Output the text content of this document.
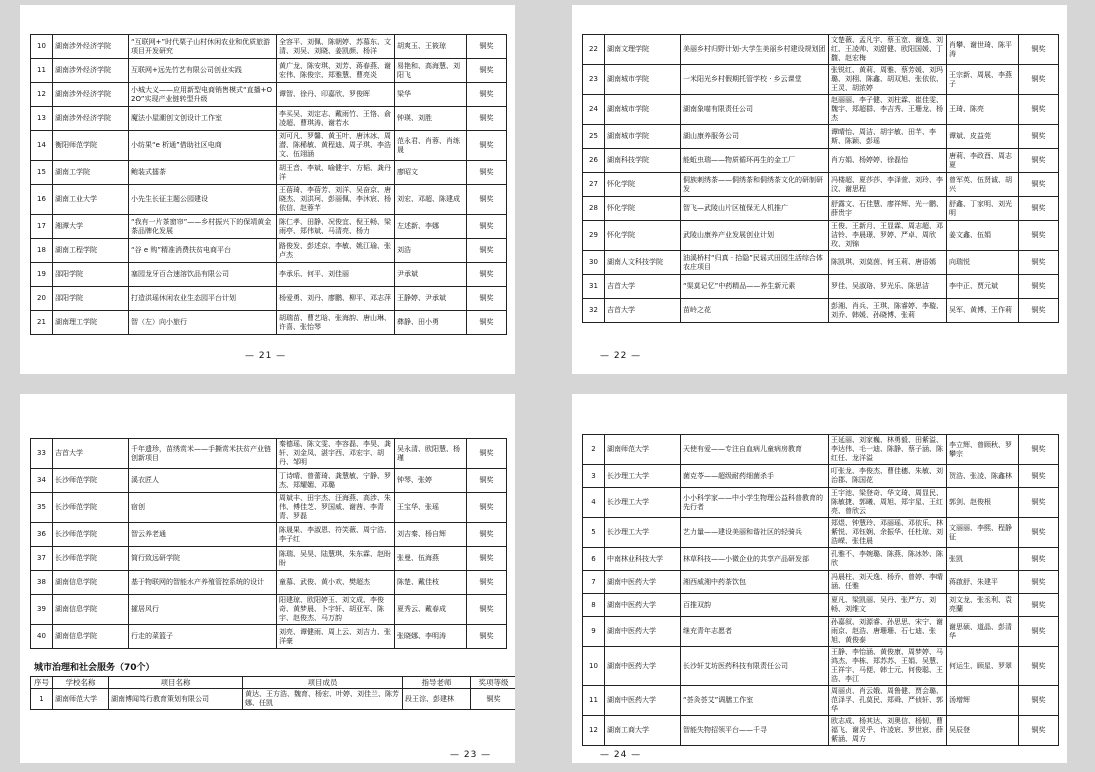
10	湖南涉外经济学院	“互联网+”时代栗子山村休闲农业和优质旅游项目开发研究	全容平、刘佩、陈朝婷、苏慕东、文清、刘吴、刘晓、姜凯颜、杨洋	胡爽玉、王筱琼	铜奖
11	湖南涉外经济学院	互联网+远先竹艺有限公司创业实践	黄广龙、陈安琪、刘芳、蒋春燕、谢宏伟、陈俊宗、郑雅慧、曹亮炎	易艳和、高海慧、刘阳飞	铜奖
12	湖南涉外经济学院	小城大义——应用新型电商销售模式“直播+O2O”实现产业链转型升级	谭智、徐丹、印嘉欣、罗俊晖	梁华	铜奖
13	湖南涉外经济学院	魔法小屋潮创文创设计工作室	李买吴、刘定志、戴雨竹、王恪、俞凌超、曹琪涛、谢若水	钟瑛、刘胜	铜奖
14	衡阳师范学院	小纺果“e 析通”借助社区电商	刘可凡、罗馨、黄玉叶、唐沐冰、周潜、陈稀敏、黄程迪、周子琪、李浩文、伍翊涵	范永君、肖蓉、肖练晟	铜奖
15	湖南工学院	鲍装式擂茶	胡王音、李斌、喻健宇、方韬、龚丹洋	廖昭文	铜奖
16	湖南工业大学	小先生长征主题公园建设	王蓓琦、李蓓芳、刘洋、吴奋京、唐晓杰、刘洪珂、彭丽佩、李沐宸、杨依信、赵蓉芊	刘宏、邓超、陈建成	铜奖
17	湘潭大学	“我有一片茶窗帘”——乡村振兴下的保靖黄金茶品牌化发展	陈仁孝、田静、况俊宜、倪王畅、梁雨亭、郑伟斌、马清亮、杨力	左述新、李娜	铜奖
18	湖南工程学院	“谷 e 购”精准消费扶贫电商平台	路俊发、彭述京、李敏、姚江瑜、张卢杰	刘浩	铜奖
19	邵阳学院	塞园龙牙百合速溶饮品有限公司	李承乐、何平、刘佳丽	尹承斌	铜奖
20	邵阳学院	打造洪瑶休闲农业生态园平台计划	杨爱勇、刘丹、廖鹏、柳平、邓志萍	王静婷、尹承斌	铜奖
21	湖南理工学院	智（左）向小旅行	胡瑞苗、曹艺晗、张海韵、唐山琳、许喜、张怡琴	彝静、田小勇	铜奖
— 21 —
22	湖南文理学院	美丽乡村归野计划-大学生美丽乡村建设规划团	文楚薇、孟凡宇、蔡玉宽、谢逸、刘红、王凌帅、刘甜健、欧阳国媛、丁馥、赵宏梅	肖攀、谢世琦、陈平涛	铜奖
23	湖南城市学院	一米阳光乡村假期托管学校 · 乡云课堂	张锐红、黄莉、周雅、蔡芳媛、刘玛璐、刘栩、陈鑫、胡双旭、张依依、王灵、胡浓婷	王宗新、周展、李燕子	铜奖
24	湖南城市学院	湖南象喵有限责任公司	赵丽丽、李子健、刘柱霖、崔佳雯、魏宇、郑超群、李吉秀、王珊龙、杨杰	王琦、陈亮	铜奖
25	湖南城市学院	湖山康养服务公司	谭晴怡、周洁、胡宇敏、田芊、李斯、陈颖、彭瑶	谭斌、皮益莞	铜奖
26	湖南科技学院	能蚯虫瑞——物质循环再生的金工厂	肖方娟、杨婷婷、徐磊怡	唐莉、李政酉、周志夏	铜奖
27	怀化学院	侗族刺绣茶——侗绣茶和侗绣茶文化的研制研发	冯楼超、夏莎莎、李泽萱、刘玲、李汶、谢思程	曾军英、伍贤诚、胡兴	铜奖
28	怀化学院	智飞—武陵山片区植保无人机推广	舒露文、石佳慧、廖祥辉、光一鹏、薛贵宇	舒鑫、丁家明、刘光明	铜奖
29	怀化学院	武陵山康养产业发展创业计划	王俊、王新月、王显霖、周志超、邓洁铃、李晨璟、罗婷、严卓、周欣玫、刘锦	姜文鑫、伍娟	铜奖
30	湖南人文科技学院	油溪桥村“归真 · 拾隐”民谣式田园生活综合体农庄项目	陈凯琪、刘莫茵、何玉莉、唐语嫣	向瑞悦	铜奖
31	吉首大学	“渠莫记忆”中药精品——养生新元素	罗佳、吴淑珞、罗光乐、陈思洁	李中正、贾元斌	铜奖
32	吉首大学	苗岭之花	彭湘、肖兵、王琪、陈睿婷、李璇、刘乔、韩媛、孙晓博、张莉	吴军、黄博、王作莉	铜奖
— 22 —
33	吉首大学	千年遗珍，苗绣赏米——手撕赏米扶贫产业链创新项目	秦德瑶、陈文雯、李容磊、李昊、龚轩、刘金凤、湛宇西、邓宏宇、胡丹、邹明	吴永清、欧阳慧、杨瑾	铜奖
34	长沙师范学院	溪衣匠人	丁诗晴、曾蕾琦、龚慧敏、宁静、罗杰、郑耀媚、邓璐	钟琴、张婷	铜奖
35	长沙师范学院	宿创	周斌丰、田宇杰、汪海燕、高涉、朱伟、傅佳芝、罗国威、谢茜、李青青、罗磊	王宝华、张瑶	铜奖
36	长沙师范学院	智云养老通	陈晟果、李淑恩、符笑薇、周宁浩、李子红	刘吉秦、杨自辉	铜奖
37	长沙师范学院	简行致远研学院	陈瑞、吴昊、陆慧琪、朱东霖、赵盼盼	张曼、伍海燕	铜奖
38	湖南信息学院	基于物联网的智能水产养殖管控系统的设计	童慕、武俊、黄小欢、樊超杰	陈楚、戴佳枝	铜奖
39	湖南信息学院	攉居风行	阳建琼、欧阳婷玉、刘文成、李俊奇、黄梦晨、卜宇轩、胡亚军、陈宇、赵俊杰、马万韵	夏秀云、戴春成	铜奖
40	湖南信息学院	行走的菜篮子	刘亮、谭健雨、周上云、刘吉力、张洋豪	张晓娜、李明涛	铜奖
城市治理和社会服务（70个）
序号	学校名称	项目名称	项目成员	指导老师	奖项等级
1	湖南师范大学	湖南博闻笃行教育策划有限公司	黄达、王方浩、魏育、杨宏、叶婷、刘佳兰、陈芳娜、任凯	段王淙、彭建林	铜奖
— 23 —
2	湖南师范大学	天使有爱——专注自血病儿童病房教育	王延丽、刘家巍、林勇毅、田紫溢、李达伟、毛一迪、陈静、蔡子涵、陈红任、龙洋溢	李立辉、曾顾秋、罗攀宗	铜奖
3	长沙理工大学	菌克苓——超级耐药细菌杀手	叮张龙、李俊杰、曹佳穗、朱敏、刘治郡、陈国花	贺浩、张凌、陈鑫林	铜奖
4	长沙理工大学	小小科学家——中小学生物理公益科普教育的先行者	王宇池、梁登奇、华文琦、周显民、陈敏捷、郭曦、周旭、郑宇星、王红亮、曾欣云	郭剑、赵俊根	铜奖
5	长沙理工大学	艺力量——建设美丽和谐社区的轻骑兵	郑煜、钟慧玲、邓丽瑶、邓依乐、林紫悦、邓钰娴、余振华、任杜琼、刘浩嵘、张佳晨	文丽丽、李熙、程静征	铜奖
6	中南林业科技大学	林草科技——小微企业的共享产品研发部	孔雅不、李婉璐、陈燕、陈冰妙、陈欣	张凯	铜奖
7	湖南中医药大学	湘西威湘中药茶饮包	冯晨柱、刘天逸、杨乔、曾婷、李晴涵、任雅	蒋啟舒、朱建平	铜奖
8	湖南中医药大学	百推双韵	夏凡、梁凯丽、吴丹、张严方、刘畅、刘维文	刘文龙、张丞利、袁亮蘭	铜奖
9	湖南中医药大学	继充青年志愿者	孙嘉叙、刘源睿、孙思思、宋宁、谢雨京、赵浩、唐珊珊、石七迪、张旭、黄俊泰	谢思硕、道晶、彭清华	铜奖
10	湖南中医药大学	长沙轩艾坊医药科技有限责任公司	王静、李怡涵、黄俊康、周梦婷、马鸿杰、李栋、郑苏苏、王娟、吴慧、王祥宇、马便、韩士元、何俊聪、王浩、李江	何运生、顾星、罗翠	铜奖
11	湖南中医药大学	“荟灸荟艾”调膳工作室	周丽贞、肖云娥、周鲁健、贾会璐、范泽孚、孔莫民、郑舜、严侦轩、郭华	汤增辉	铜奖
12	湖南工商大学	智能失物招领平台——千寻	欧志成、杨其达、刘奥信、杨韧、曹福飞、谢灵乎、许凌宸、罗世宸、薛紫涵、周方	吴辰登	铜奖
— 24 —
